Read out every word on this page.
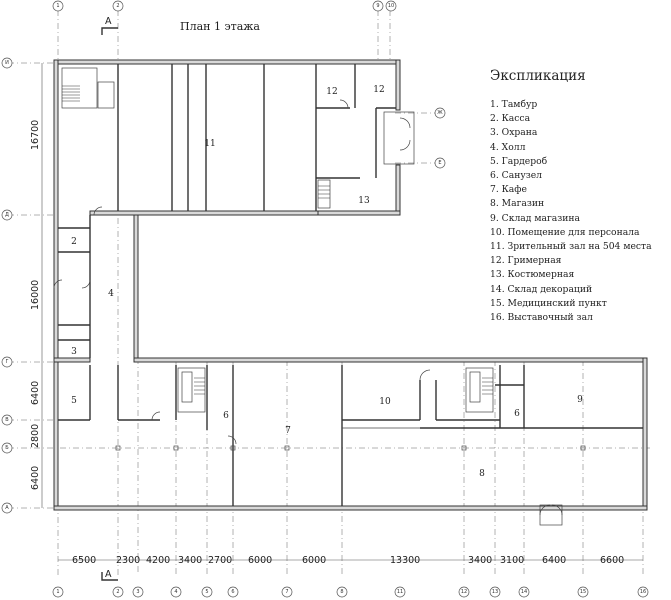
План 1 этажа
А
А
1	2	3	4	5	6	7	8	11	12	13	14	15	16
1	2	9 10
И
Д
Г
В
Б
А
Ж
Е
6500 2300 4200 3400 2700 6000	6000	13300	3400 3100 6400	6600
16700
16000
6400
2800
6400
11
12	12
13
2
4
3
5
6
7
10
6
9
8
Экспликация
1. Тамбур
2. Касса
3. Охрана
4. Холл
5. Гардероб
6. Санузел
7. Кафе
8. Магазин
9. Склад магазина
10. Помещение для персонала
11. Зрительный зал на 504 места
12. Гримерная
13. Костюмерная
14. Склад декораций
15. Медицинский пункт
16. Выставочный зал
